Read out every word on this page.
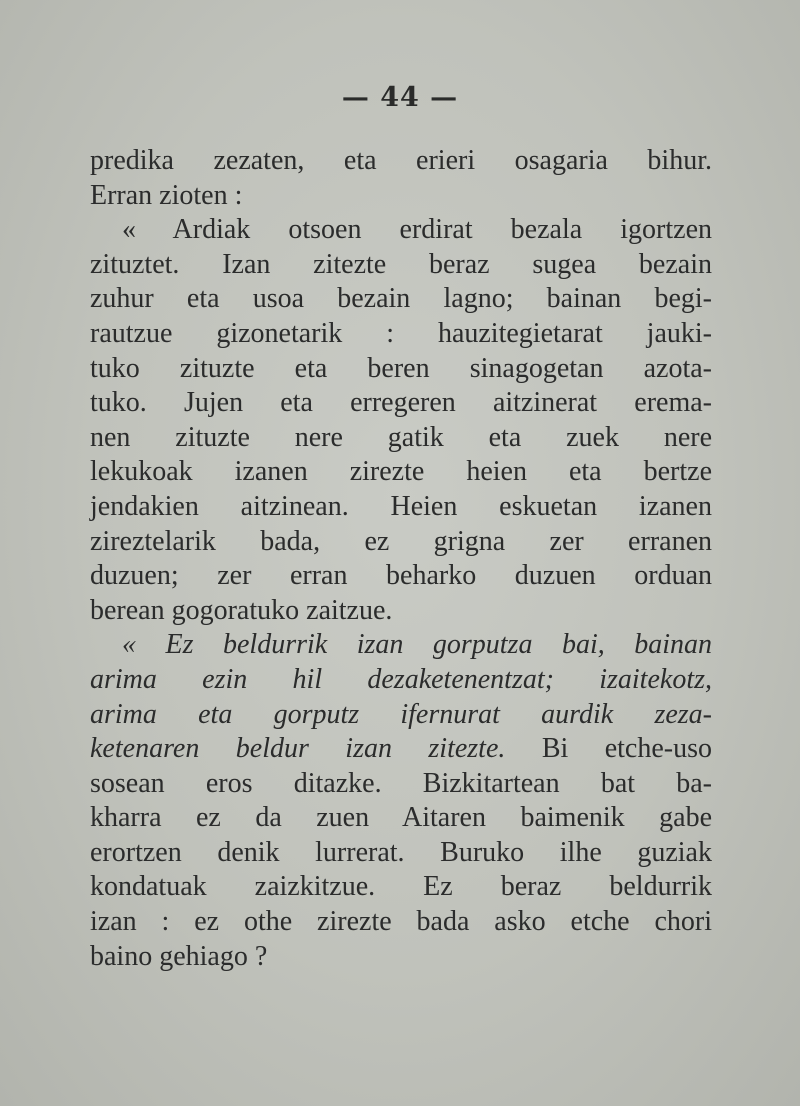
— 44 —
predika zezaten, eta erieri osagaria bihur.
Erran zioten :
« Ardiak otsoen erdirat bezala igortzen
zituztet. Izan zitezte beraz sugea bezain
zuhur eta usoa bezain lagno; bainan begi-
rautzue gizonetarik : hauzitegietarat jauki-
tuko zituzte eta beren sinagogetan azota-
tuko. Jujen eta erregeren aitzinerat erema-
nen zituzte nere gatik eta zuek nere
lekukoak izanen zirezte heien eta bertze
jendakien aitzinean. Heien eskuetan izanen
zireztelarik bada, ez grigna zer erranen
duzuen; zer erran beharko duzuen orduan
berean gogoratuko zaitzue.
« Ez beldurrik izan gorputza bai, bainan
arima ezin hil dezaketenentzat; izaitekotz,
arima eta gorputz ifernurat aurdik zeza-
ketenaren beldur izan zitezte. Bi etche-uso
sosean eros ditazke. Bizkitartean bat ba-
kharra ez da zuen Aitaren baimenik gabe
erortzen denik lurrerat. Buruko ilhe guziak
kondatuak zaizkitzue. Ez beraz beldurrik
izan : ez othe zirezte bada asko etche chori
baino gehiago ?
